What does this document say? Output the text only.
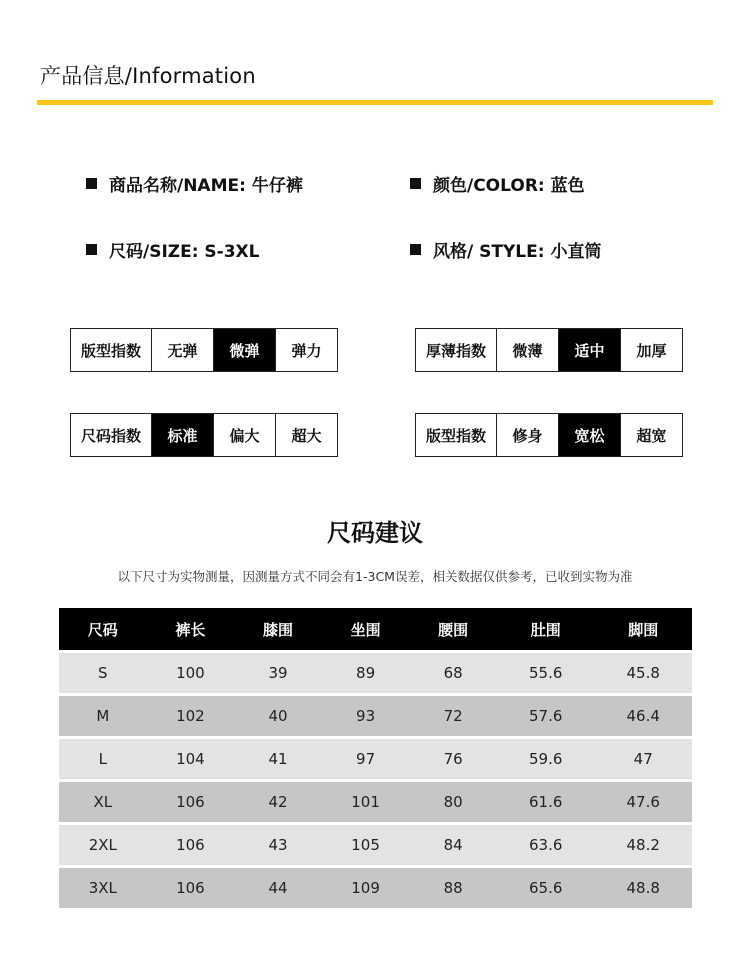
产品信息/Information
商品名称/NAME: 牛仔裤	颜色/COLOR: 蓝色
尺码/SIZE: S-3XL	风格/ STYLE: 小直筒
版型指数	无弹	微弹	弹力	厚薄指数	微薄	适中	加厚
尺码指数	标准	偏大	超大	版型指数	修身	宽松	超宽
尺码建议
以下尺寸为实物测量，因测量方式不同会有1-3CM误差，相关数据仅供参考，已收到实物为准
尺码	裤长	膝围	坐围	腰围	肚围	脚围
S	100	39	89	68	55.6	45.8
M	102	40	93	72	57.6	46.4
L	104	41	97	76	59.6	47
XL	106	42	101	80	61.6	47.6
2XL	106	43	105	84	63.6	48.2
3XL	106	44	109	88	65.6	48.8
